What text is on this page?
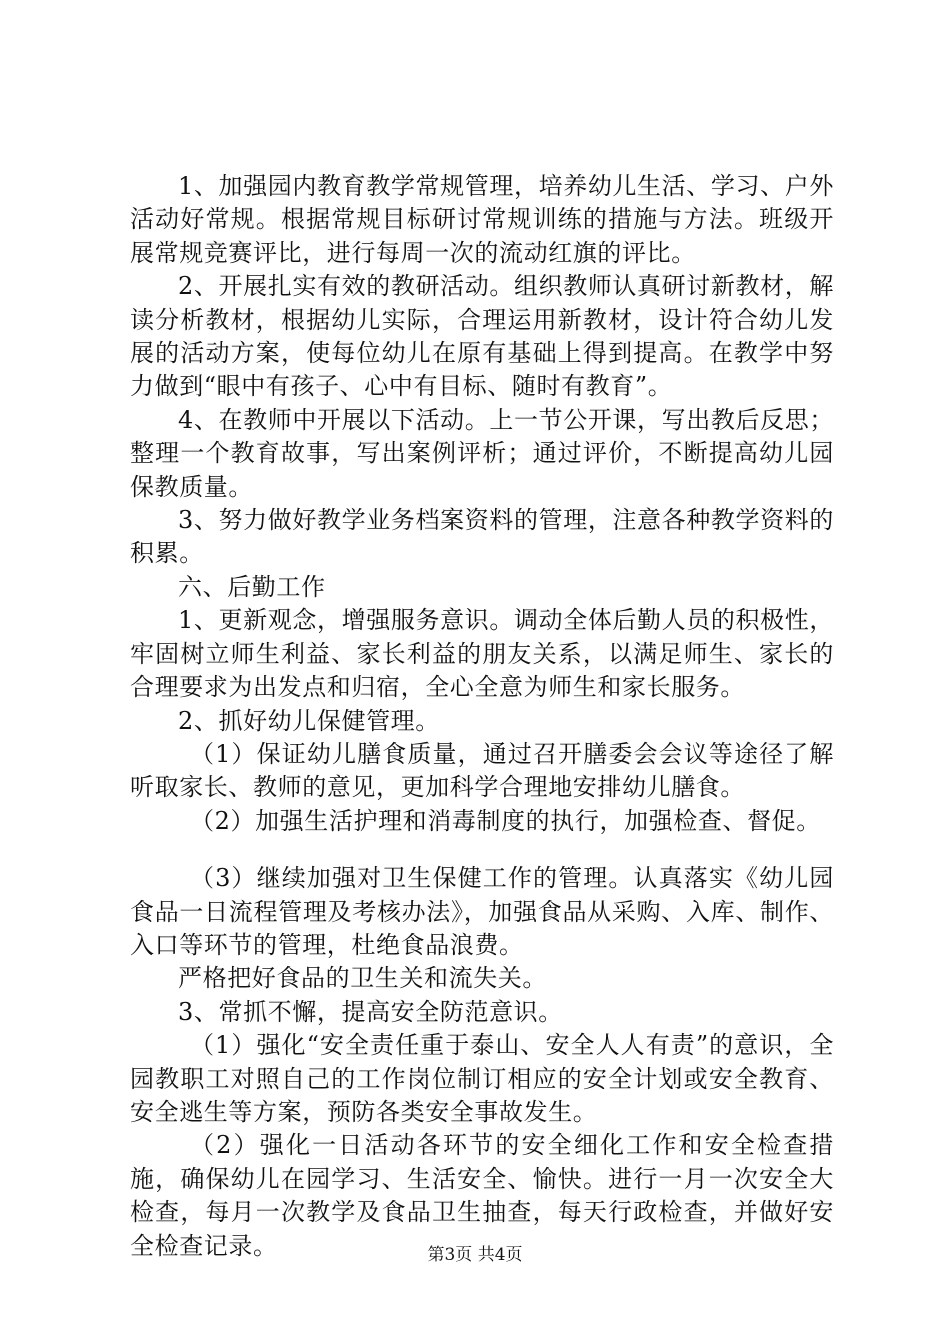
1、加强园内教育教学常规管理，培养幼儿生活、学习、户外活动好常规。根据常规目标研讨常规训练的措施与方法。班级开展常规竞赛评比，进行每周一次的流动红旗的评比。

2、开展扎实有效的教研活动。组织教师认真研讨新教材，解读分析教材，根据幼儿实际，合理运用新教材，设计符合幼儿发展的活动方案，使每位幼儿在原有基础上得到提高。在教学中努力做到“眼中有孩子、心中有目标、随时有教育”。

4、在教师中开展以下活动。上一节公开课，写出教后反思；整理一个教育故事，写出案例评析；通过评价，不断提高幼儿园保教质量。

3、努力做好教学业务档案资料的管理，注意各种教学资料的积累。

六、后勤工作

1、更新观念，增强服务意识。调动全体后勤人员的积极性，牢固树立师生利益、家长利益的朋友关系，以满足师生、家长的合理要求为出发点和归宿，全心全意为师生和家长服务。

2、抓好幼儿保健管理。

（1）保证幼儿膳食质量，通过召开膳委会会议等途径了解听取家长、教师的意见，更加科学合理地安排幼儿膳食。

（2）加强生活护理和消毒制度的执行，加强检查、督促。

（3）继续加强对卫生保健工作的管理。认真落实《幼儿园食品一日流程管理及考核办法》，加强食品从采购、入库、制作、入口等环节的管理，杜绝食品浪费。

严格把好食品的卫生关和流失关。

3、常抓不懈，提高安全防范意识。

（1）强化“安全责任重于泰山、安全人人有责”的意识，全园教职工对照自己的工作岗位制订相应的安全计划或安全教育、安全逃生等方案，预防各类安全事故发生。

（2）强化一日活动各环节的安全细化工作和安全检查措施，确保幼儿在园学习、生活安全、愉快。进行一月一次安全大检查，每月一次教学及食品卫生抽查，每天行政检查，并做好安全检查记录。	第3页 共4页
